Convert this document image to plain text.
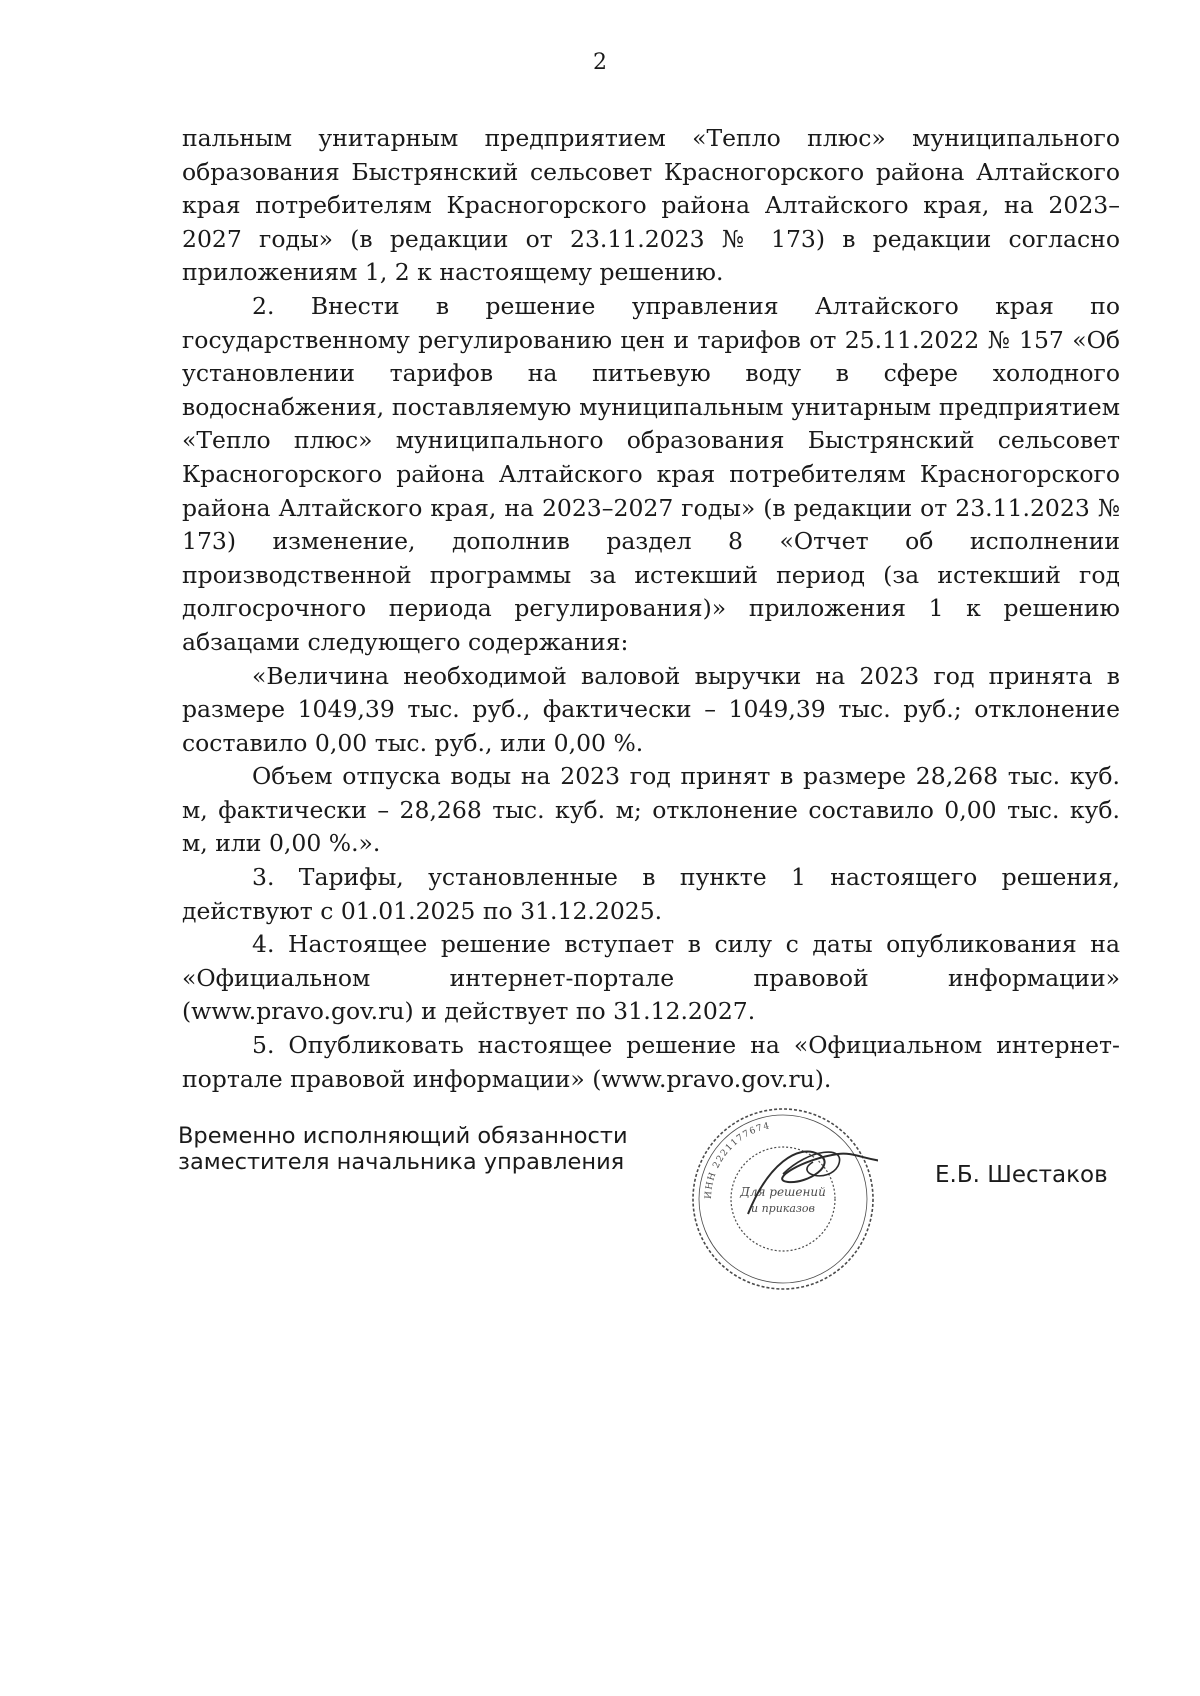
2

пальным унитарным предприятием «Тепло плюс» муниципального образования Быстрянский сельсовет Красногорского района Алтайского края потребителям Красногорского района Алтайского края, на 2023–2027 годы» (в редакции от 23.11.2023 № 173) в редакции согласно приложениям 1, 2 к настоящему решению.

2. Внести в решение управления Алтайского края по государственному регулированию цен и тарифов от 25.11.2022 № 157 «Об установлении тарифов на питьевую воду в сфере холодного водоснабжения, поставляемую муниципальным унитарным предприятием «Тепло плюс» муниципального образования Быстрянский сельсовет Красногорского района Алтайского края потребителям Красногорского района Алтайского края, на 2023–2027 годы» (в редакции от 23.11.2023 № 173) изменение, дополнив раздел 8 «Отчет об исполнении производственной программы за истекший период (за истекший год долгосрочного периода регулирования)» приложения 1 к решению абзацами следующего содержания:

«Величина необходимой валовой выручки на 2023 год принята в размере 1049,39 тыс. руб., фактически – 1049,39 тыс. руб.; отклонение составило 0,00 тыс. руб., или 0,00 %.

Объем отпуска воды на 2023 год принят в размере 28,268 тыс. куб. м, фактически – 28,268 тыс. куб. м; отклонение составило 0,00 тыс. куб. м, или 0,00 %.».

3. Тарифы, установленные в пункте 1 настоящего решения, действуют с 01.01.2025 по 31.12.2025.

4. Настоящее решение вступает в силу с даты опубликования на «Официальном интернет-портале правовой информации» (www.pravo.gov.ru) и действует по 31.12.2027.

5. Опубликовать настоящее решение на «Официальном интернет-портале правовой информации» (www.pravo.gov.ru).

Временно исполняющий обязанности
заместителя начальника управления
ИНН 2221177674
Для решений
и приказов
Е.Б. Шестаков
